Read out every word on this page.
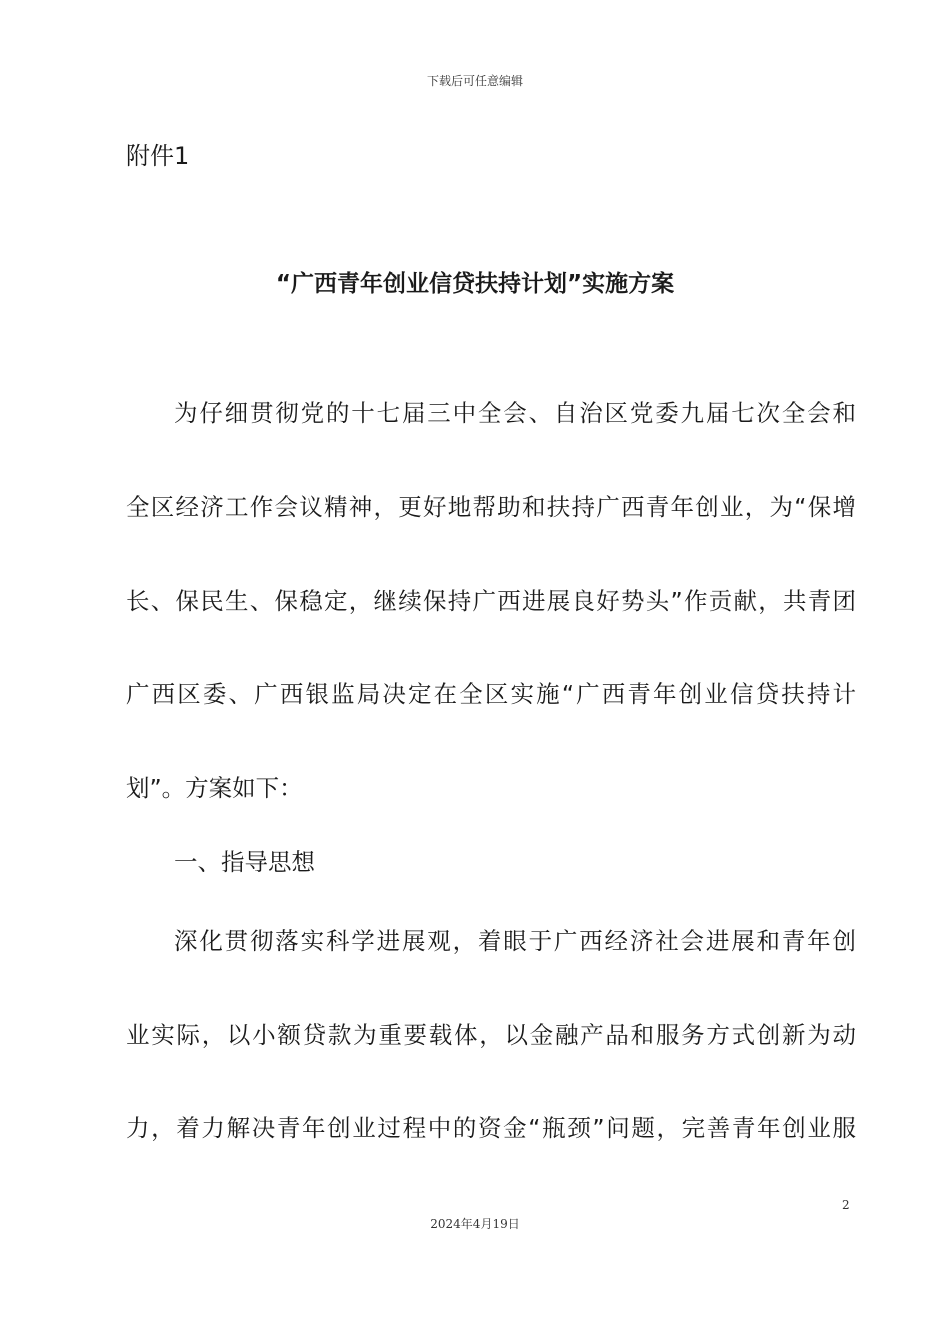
下载后可任意编辑
附件1
“广西青年创业信贷扶持计划”实施方案
为仔细贯彻党的十七届三中全会、自治区党委九届七次全会和
全区经济工作会议精神，更好地帮助和扶持广西青年创业，为“保增
长、保民生、保稳定，继续保持广西进展良好势头”作贡献，共青团
广西区委、广西银监局决定在全区实施“广西青年创业信贷扶持计
划”。方案如下：
一、指导思想
深化贯彻落实科学进展观，着眼于广西经济社会进展和青年创
业实际，以小额贷款为重要载体，以金融产品和服务方式创新为动
力，着力解决青年创业过程中的资金“瓶颈”问题，完善青年创业服
2
2024年4月19日
